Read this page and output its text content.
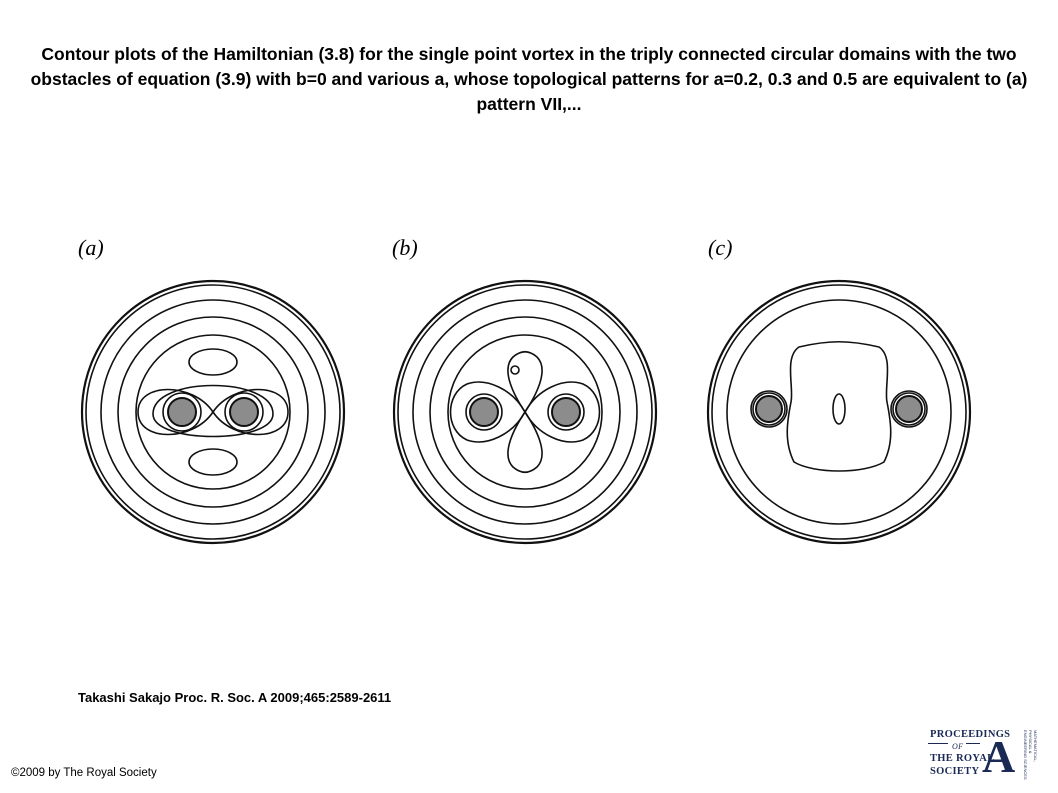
Contour plots of the Hamiltonian (3.8) for the single point vortex in the triply connected circular domains with the two obstacles of equation (3.9) with b=0 and various a, whose topological patterns for a=0.2, 0.3 and 0.5 are equivalent to (a) pattern VII,...
(a)	(b)	(c)
Takashi Sakajo Proc. R. Soc. A 2009;465:2589-2611
©2009 by The Royal Society
PROCEEDINGS
OF
THE ROYAL
SOCIETY A	MATHEMATICAL, PHYSICAL & ENGINEERING SCIENCES
